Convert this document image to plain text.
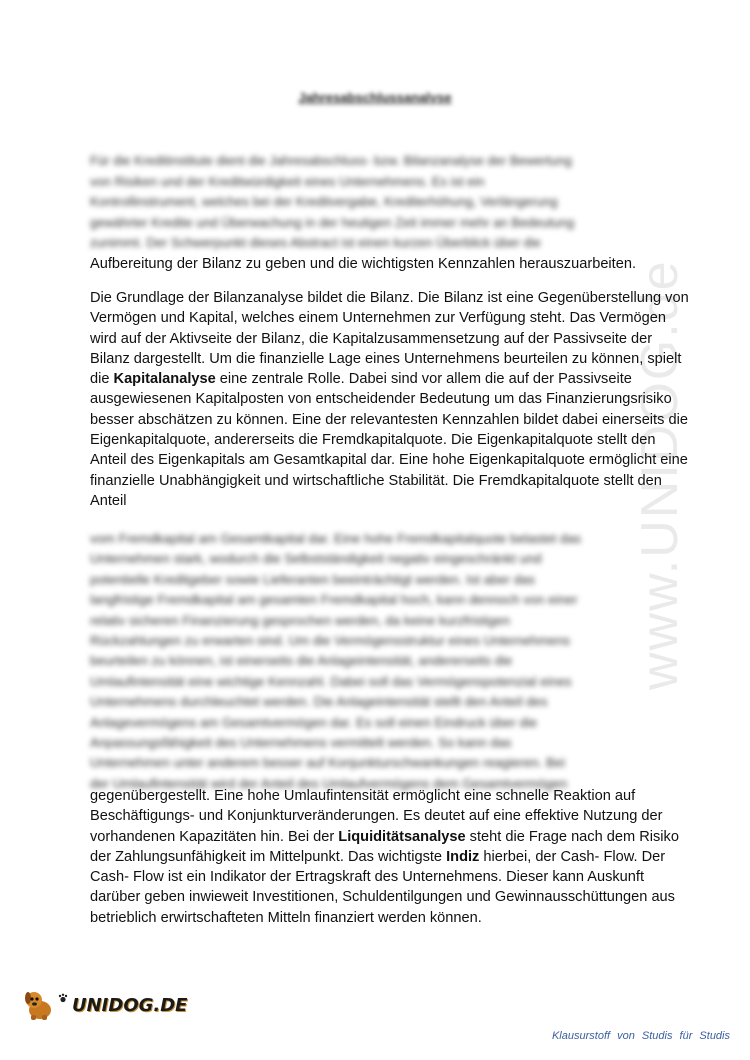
www.UNIDOG.de
Jahresabschlussanalyse
Für die Kreditinstitute dient die Jahresabschluss- bzw. Bilanzanalyse der Bewertung
von Risiken und der Kreditwürdigkeit eines Unternehmens. Es ist ein
Kontrollinstrument, welches bei der Kreditvergabe, Krediterhöhung, Verlängerung
gewährter Kredite und Überwachung in der heutigen Zeit immer mehr an Bedeutung
zunimmt. Der Schwerpunkt dieses Abstract ist einen kurzen Überblick über die

Aufbereitung der Bilanz zu geben und die wichtigsten Kennzahlen herauszuarbeiten.

Die Grundlage der Bilanzanalyse bildet die Bilanz. Die Bilanz ist eine Gegenüberstellung von Vermögen und Kapital, welches einem Unternehmen zur Verfügung steht. Das Vermögen wird auf der Aktivseite der Bilanz, die Kapitalzusammensetzung auf der Passivseite der Bilanz dargestellt. Um die finanzielle Lage eines Unternehmens beurteilen zu können, spielt die Kapitalanalyse eine zentrale Rolle. Dabei sind vor allem die auf der Passivseite ausgewiesenen Kapitalposten von entscheidender Bedeutung um das Finanzierungsrisiko besser abschätzen zu können. Eine der relevantesten Kennzahlen bildet dabei einerseits die Eigenkapitalquote, andererseits die Fremdkapitalquote. Die Eigenkapitalquote stellt den Anteil des Eigenkapitals am Gesamtkapital dar. Eine hohe Eigenkapitalquote ermöglicht eine finanzielle Unabhängigkeit und wirtschaftliche Stabilität. Die Fremdkapitalquote stellt den Anteil

vom Fremdkapital am Gesamtkapital dar. Eine hohe Fremdkapitalquote belastet das
Unternehmen stark, wodurch die Selbstständigkeit negativ eingeschränkt und
potentielle Kreditgeber sowie Lieferanten beeinträchtigt werden. Ist aber das
langfristige Fremdkapital am gesamten Fremdkapital hoch, kann dennoch von einer
relativ sicheren Finanzierung gesprochen werden, da keine kurzfristigen
Rückzahlungen zu erwarten sind. Um die Vermögensstruktur eines Unternehmens
beurteilen zu können, ist einerseits die Anlageintensität, andererseits die
Umlaufintensität eine wichtige Kennzahl. Dabei soll das Vermögenspotenzial eines
Unternehmens durchleuchtet werden. Die Anlageintensität stellt den Anteil des
Anlagevermögens am Gesamtvermögen dar. Es soll einen Eindruck über die
Anpassungsfähigkeit des Unternehmens vermittelt werden. So kann das
Unternehmen unter anderem besser auf Konjunkturschwankungen reagieren. Bei
der Umlaufintensität wird der Anteil des Umlaufvermögens dem Gesamtvermögen

gegenübergestellt. Eine hohe Umlaufintensität ermöglicht eine schnelle Reaktion auf

Beschäftigungs- und Konjunkturveränderungen. Es deutet auf eine effektive Nutzung der vorhandenen Kapazitäten hin. Bei der Liquiditätsanalyse steht die Frage nach dem Risiko der Zahlungsunfähigkeit im Mittelpunkt. Das wichtigste Indiz hierbei, der Cash- Flow. Der Cash- Flow ist ein Indikator der Ertragskraft des Unternehmens. Dieser kann Auskunft darüber geben inwieweit Investitionen, Schuldentilgungen und Gewinnausschüttungen aus betrieblich erwirtschafteten Mitteln finanziert werden können.

UNIDOG.DE
Klausurstoff von Studis für Studis
